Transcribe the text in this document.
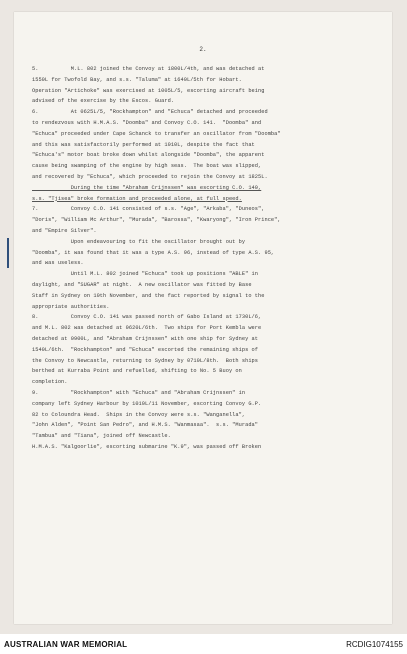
2.
5.          M.L. 802 joined the Convoy at 1800L/4th, and was detached at
1550L for Twofold Bay, and s.s. "Taluma" at 1640L/5th for Hobart.
Operation "Artichoke" was exercised at 1005L/5, escorting aircraft being
advised of the exercise by the Escos. Guard.
6.          At 0625L/5, "Rockhampton" and "Echuca" detached and proceeded
to rendezvous with H.M.A.S. "Doomba" and Convoy C.O. 141.  "Doomba" and
"Echuca" proceeded under Cape Schanck to transfer an oscillator from "Doomba"
and this was satisfactorily performed at 1010L, despite the fact that
"Echuca's" motor boat broke down whilst alongside "Doomba", the apparent
cause being swamping of the engine by high seas.  The boat was slipped,
and recovered by "Echuca", which proceeded to rejoin the Convoy at 1825L.
During the time "Abraham Crijnssen" was escorting C.O. 140,
s.s. "Tjisea" broke formation and proceeded alone, at full speed.
7.          Convoy C.O. 141 consisted of s.s. "Age", "Arkaba", "Duneos",
"Doris", "William Mc Arthur", "Murada", "Barossa", "Kwaryong", "Iron Prince",
and "Empire Silver".
Upon endeavouring to fit the oscillator brought out by
"Doomba", it was found that it was a type A.S. 96, instead of type A.S. 95,
and was useless.
Until M.L. 802 joined "Echuca" took up positions "ABLE" in
daylight, and "SUGAR" at night.  A new oscillator was fitted by Base
Staff in Sydney on 10th November, and the fact reported by signal to the
appropriate authorities.
8.          Convoy C.O. 141 was passed north of Gabo Island at 1730L/6,
and M.L. 802 was detached at 0620L/6th.  Two ships for Port Kembla were
detached at 0900L, and "Abraham Crijnssen" with one ship for Sydney at
1540L/6th.  "Rockhampton" and "Echuca" escorted the remaining ships of
the Convoy to Newcastle, returning to Sydney by 0710L/8th.  Both ships
berthed at Kurraba Point and refuelled, shifting to No. 5 Buoy on
completion.
9.          "Rockhampton" with "Echuca" and "Abraham Crijnssen" in
company left Sydney Harbour by 1010L/11 November, escorting Convoy G.P.
82 to Coloundra Head.  Ships in the Convoy were s.s. "Wanganella",
"John Alden", "Point San Pedro", and H.M.S. "Wanmasaa".  s.s. "Murada"
"Tambua" and "Tiana", joined off Newcastle.
H.M.A.S. "Kalgoorlie", escorting submarine "K.9", was passed off Broken
AUSTRALIAN WAR MEMORIAL	RCDIG1074155
